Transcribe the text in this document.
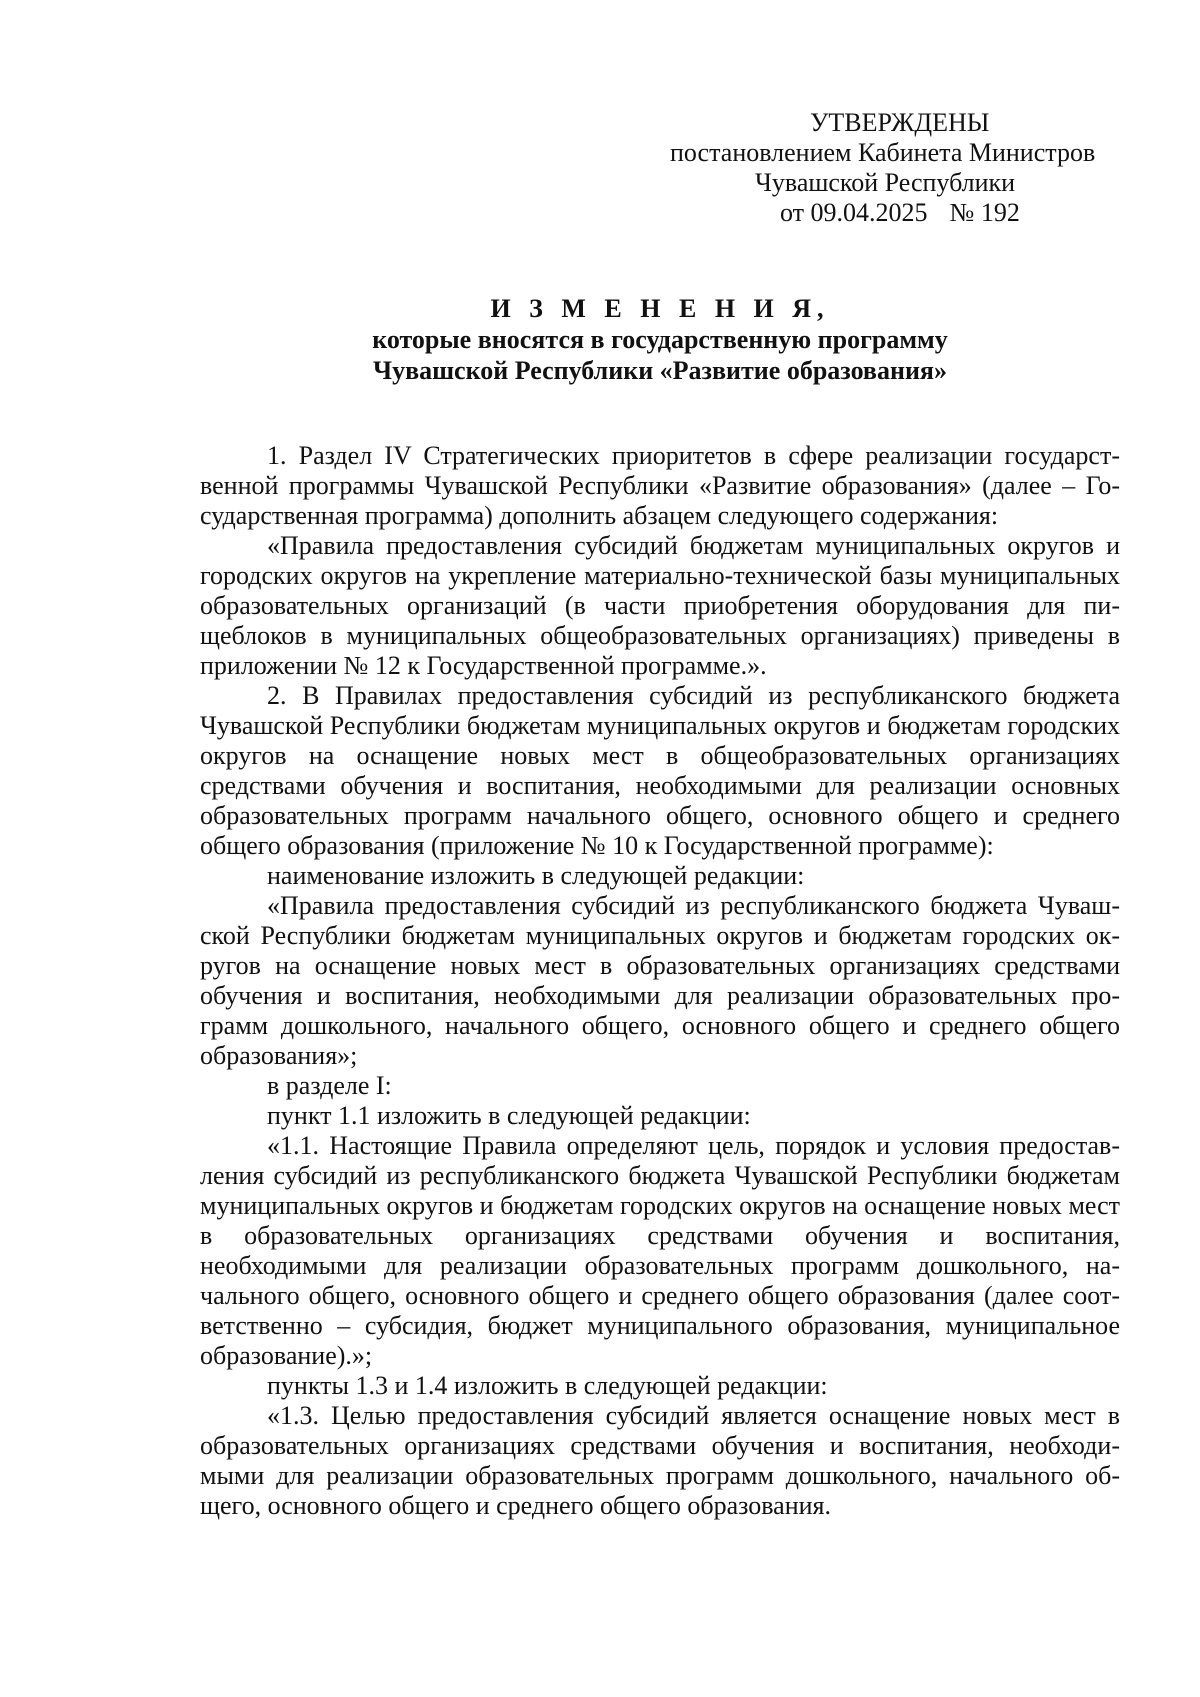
УТВЕРЖДЕНЫ
постановлением Кабинета Министров
Чувашской Республики
от 09.04.2025 № 192
И З М Е Н Е Н И Я,
которые вносятся в государственную программу
Чувашской Республики «Развитие образования»

1. Раздел IV Стратегических приоритетов в сфере реализации государственной программы Чувашской Республики «Развитие образования» (далее – Государственная программа) дополнить абзацем следующего содержания:

«Правила предоставления субсидий бюджетам муниципальных округов и городских округов на укрепление материально-технической базы муниципальных образовательных организаций (в части приобретения оборудования для пищеблоков в муниципальных общеобразовательных организациях) приведены в приложении № 12 к Государственной программе.».

2. В Правилах предоставления субсидий из республиканского бюджета Чувашской Республики бюджетам муниципальных округов и бюджетам городских округов на оснащение новых мест в общеобразовательных организациях средствами обучения и воспитания, необходимыми для реализации основных образовательных программ начального общего, основного общего и среднего общего образования (приложение № 10 к Государственной программе):

наименование изложить в следующей редакции:

«Правила предоставления субсидий из республиканского бюджета Чувашской Республики бюджетам муниципальных округов и бюджетам городских округов на оснащение новых мест в образовательных организациях средствами обучения и воспитания, необходимыми для реализации образовательных программ дошкольного, начального общего, основного общего и среднего общего образования»;

в разделе I:

пункт 1.1 изложить в следующей редакции:

«1.1. Настоящие Правила определяют цель, порядок и условия предоставления субсидий из республиканского бюджета Чувашской Республики бюджетам муниципальных округов и бюджетам городских округов на оснащение новых мест в образовательных организациях средствами обучения и воспитания, необходимыми для реализации образовательных программ дошкольного, начального общего, основного общего и среднего общего образования (далее соответственно – субсидия, бюджет муниципального образования, муниципальное образование).»;

пункты 1.3 и 1.4 изложить в следующей редакции:

«1.3. Целью предоставления субсидий является оснащение новых мест в образовательных организациях средствами обучения и воспитания, необходимыми для реализации образовательных программ дошкольного, начального общего, основного общего и среднего общего образования.
